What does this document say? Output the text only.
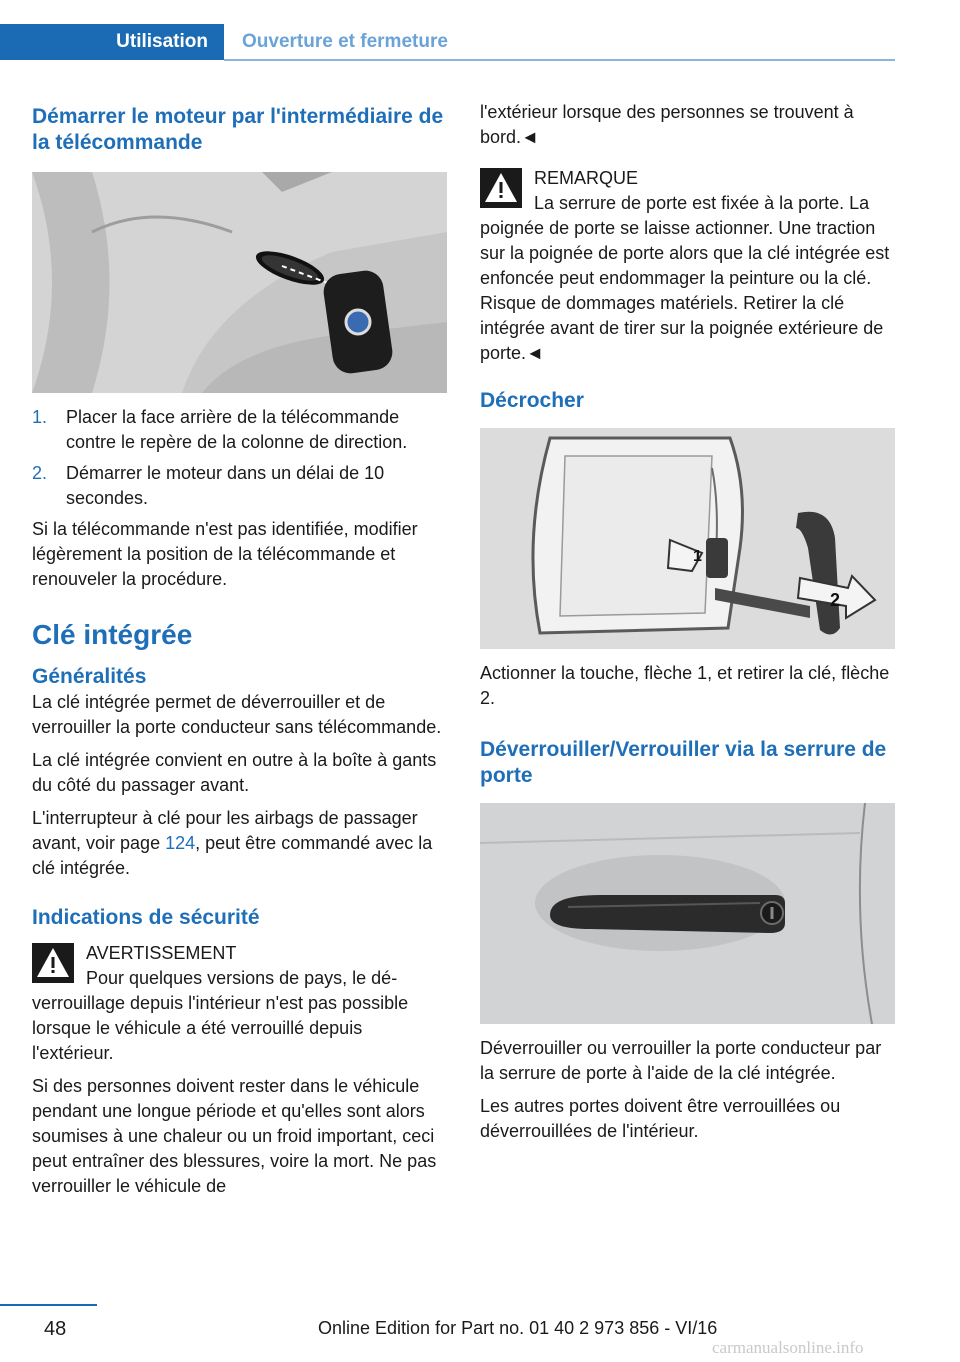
Utilisation	Ouverture et fermeture
Démarrer le moteur par l'intermédiaire de la télécommande
1. Placer la face arrière de la télécommande contre le repère de la colonne de direction.
2. Démarrer le moteur dans un délai de 10 secondes.

Si la télécommande n'est pas identifiée, modifier légèrement la position de la télécommande et renouveler la procédure.

Clé intégrée
Généralités

La clé intégrée permet de déverrouiller et de verrouiller la porte conducteur sans télécommande.

La clé intégrée convient en outre à la boîte à gants du côté du passager avant.

L'interrupteur à clé pour les airbags de passager avant, voir page 124, peut être commandé avec la clé intégrée.

Indications de sécurité
AVERTISSEMENT

Pour quelques versions de pays, le déverrouillage depuis l'intérieur n'est pas possible lorsque le véhicule a été verrouillé depuis l'extérieur.

Si des personnes doivent rester dans le véhicule pendant une longue période et qu'elles sont alors soumises à une chaleur ou un froid important, ceci peut entraîner des blessures, voire la mort. Ne pas verrouiller le véhicule de

l'extérieur lorsque des personnes se trouvent à bord.◄

REMARQUE

La serrure de porte est fixée à la porte. La poignée de porte se laisse actionner. Une traction sur la poignée de porte alors que la clé intégrée est enfoncée peut endommager la peinture ou la clé. Risque de dommages matériels. Retirer la clé intégrée avant de tirer sur la poignée extérieure de porte.◄

Décrocher
1
2

Actionner la touche, flèche 1, et retirer la clé, flèche 2.

Déverrouiller/Verrouiller via la serrure de porte

Déverrouiller ou verrouiller la porte conducteur par la serrure de porte à l'aide de la clé intégrée.

Les autres portes doivent être verrouillées ou déverrouillées de l'intérieur.

48	Online Edition for Part no. 01 40 2 973 856 - VI/16
carmanualsonline.info
